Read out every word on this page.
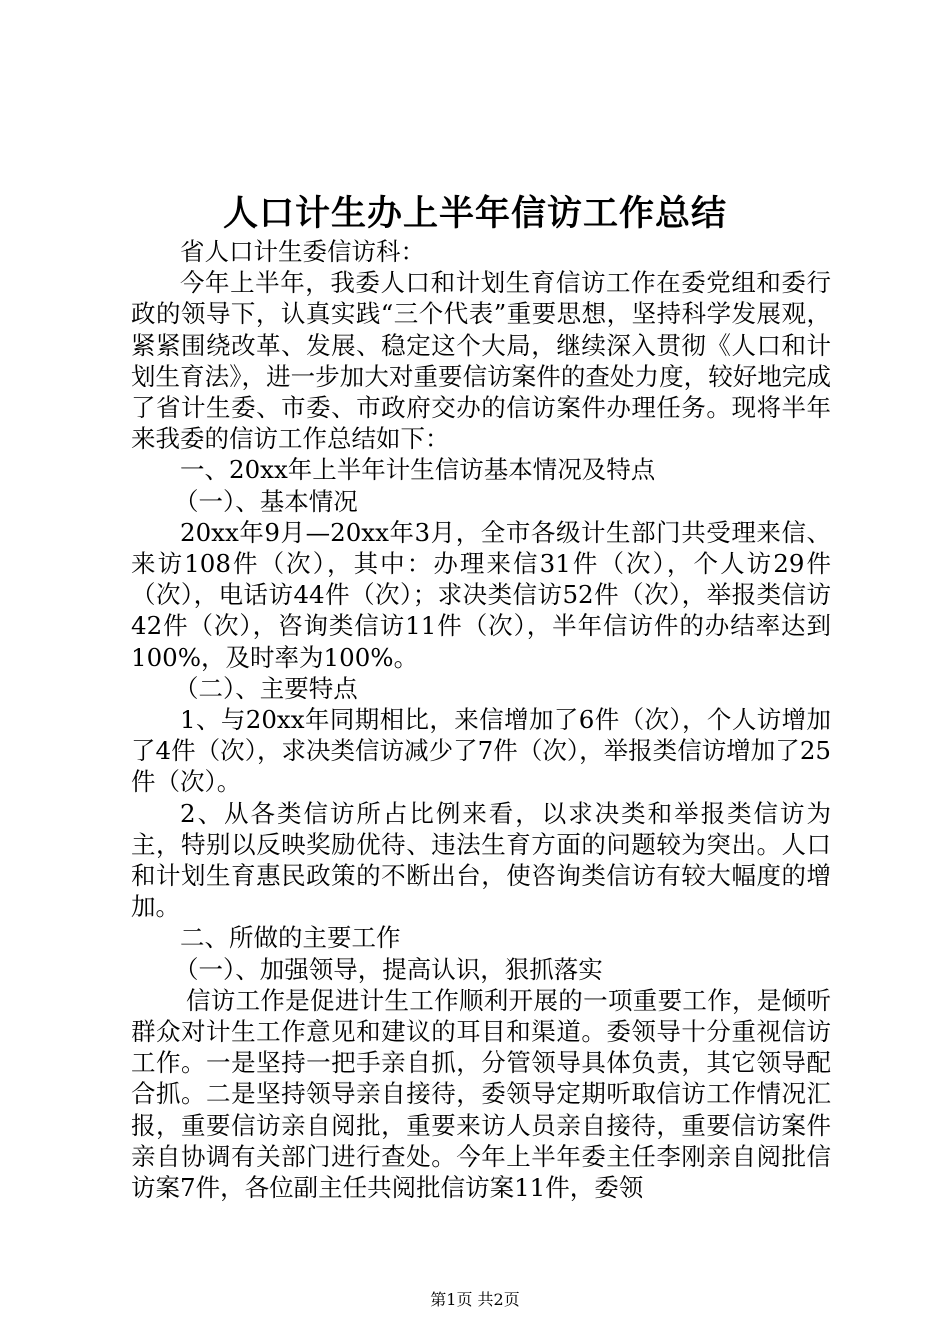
人口计生办上半年信访工作总结

省人口计生委信访科：

今年上半年，我委人口和计划生育信访工作在委党组和委行政的领导下，认真实践“三个代表”重要思想，坚持科学发展观，紧紧围绕改革、发展、稳定这个大局，继续深入贯彻《人口和计划生育法》，进一步加大对重要信访案件的查处力度，较好地完成了省计生委、市委、市政府交办的信访案件办理任务。现将半年来我委的信访工作总结如下：

一、20xx年上半年计生信访基本情况及特点

（一）、基本情况

20xx年9月—20xx年3月，全市各级计生部门共受理来信、来访108件（次），其中：办理来信31件（次），个人访29件（次），电话访44件（次）；求决类信访52件（次），举报类信访42件（次），咨询类信访11件（次），半年信访件的办结率达到100%，及时率为100%。

（二）、主要特点

1、与20xx年同期相比，来信增加了6件（次），个人访增加了4件（次），求决类信访减少了7件（次），举报类信访增加了25件（次）。

2、从各类信访所占比例来看，以求决类和举报类信访为主，特别以反映奖励优待、违法生育方面的问题较为突出。人口和计划生育惠民政策的不断出台，使咨询类信访有较大幅度的增加。

二、所做的主要工作

（一）、加强领导，提高认识，狠抓落实

信访工作是促进计生工作顺利开展的一项重要工作，是倾听群众对计生工作意见和建议的耳目和渠道。委领导十分重视信访工作。一是坚持一把手亲自抓，分管领导具体负责，其它领导配合抓。二是坚持领导亲自接待，委领导定期听取信访工作情况汇报，重要信访亲自阅批，重要来访人员亲自接待，重要信访案件亲自协调有关部门进行查处。今年上半年委主任李刚亲自阅批信访案7件，各位副主任共阅批信访案11件，委领

第1页 共2页
